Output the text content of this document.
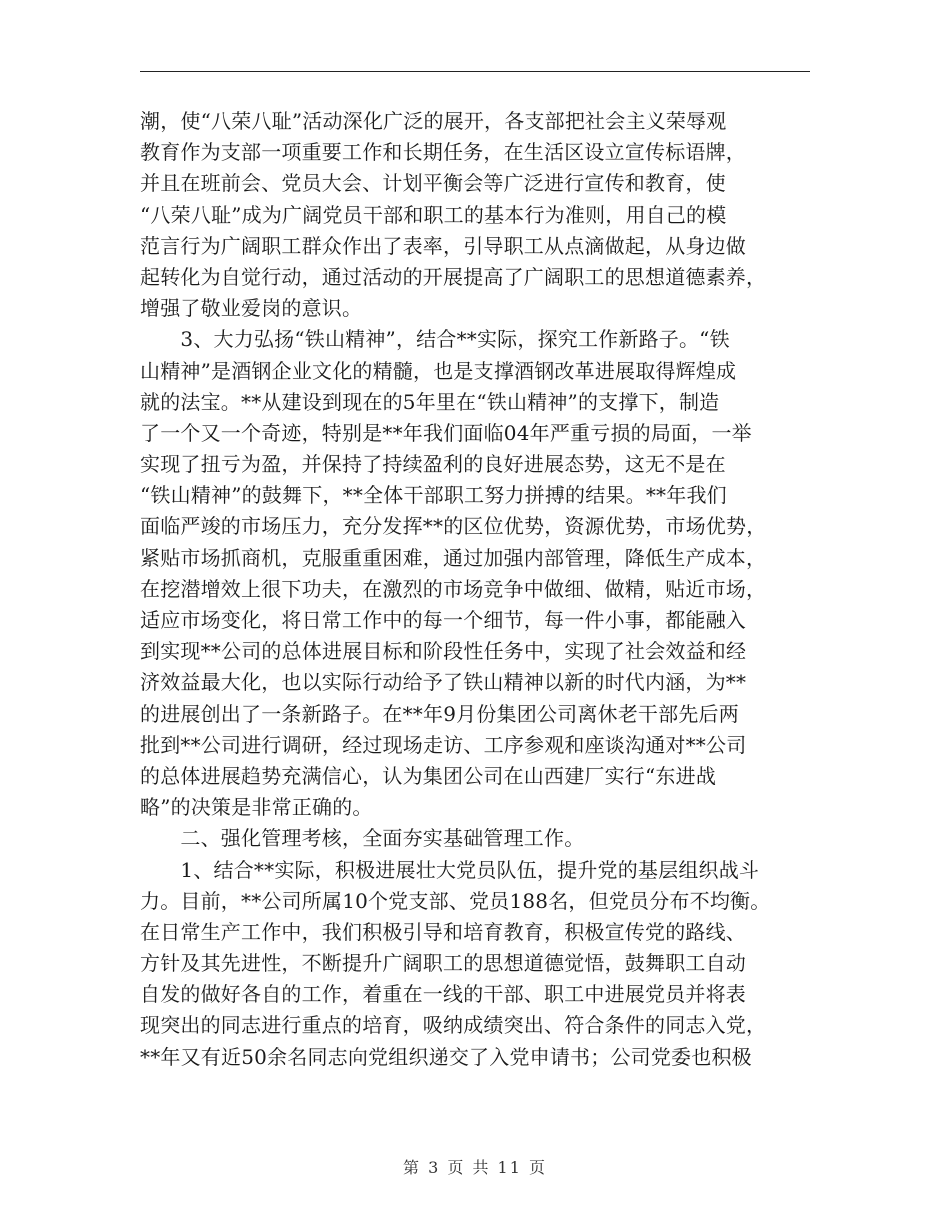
潮，使“八荣八耻”活动深化广泛的展开，各支部把社会主义荣辱观
教育作为支部一项重要工作和长期任务，在生活区设立宣传标语牌，
并且在班前会、党员大会、计划平衡会等广泛进行宣传和教育，使
“八荣八耻”成为广阔党员干部和职工的基本行为准则，用自己的模
范言行为广阔职工群众作出了表率，引导职工从点滴做起，从身边做
起转化为自觉行动，通过活动的开展提高了广阔职工的思想道德素养，
增强了敬业爱岗的意识。
　　3、大力弘扬“铁山精神”，结合**实际，探究工作新路子。“铁
山精神”是酒钢企业文化的精髓，也是支撑酒钢改革进展取得辉煌成
就的法宝。**从建设到现在的5年里在“铁山精神”的支撑下，制造
了一个又一个奇迹，特别是**年我们面临04年严重亏损的局面，一举
实现了扭亏为盈，并保持了持续盈利的良好进展态势，这无不是在
“铁山精神”的鼓舞下，**全体干部职工努力拼搏的结果。**年我们
面临严竣的市场压力，充分发挥**的区位优势，资源优势，市场优势，
紧贴市场抓商机，克服重重困难，通过加强内部管理，降低生产成本，
在挖潜增效上很下功夫，在激烈的市场竞争中做细、做精，贴近市场，
适应市场变化，将日常工作中的每一个细节，每一件小事，都能融入
到实现**公司的总体进展目标和阶段性任务中，实现了社会效益和经
济效益最大化，也以实际行动给予了铁山精神以新的时代内涵，为**
的进展创出了一条新路子。在**年9月份集团公司离休老干部先后两
批到**公司进行调研，经过现场走访、工序参观和座谈沟通对**公司
的总体进展趋势充满信心，认为集团公司在山西建厂实行“东进战
略”的决策是非常正确的。
　　二、强化管理考核，全面夯实基础管理工作。
　　1、结合**实际，积极进展壮大党员队伍，提升党的基层组织战斗
力。目前，**公司所属10个党支部、党员188名，但党员分布不均衡。
在日常生产工作中，我们积极引导和培育教育，积极宣传党的路线、
方针及其先进性，不断提升广阔职工的思想道德觉悟，鼓舞职工自动
自发的做好各自的工作，着重在一线的干部、职工中进展党员并将表
现突出的同志进行重点的培育，吸纳成绩突出、符合条件的同志入党，
**年又有近50余名同志向党组织递交了入党申请书；公司党委也积极
第 3 页 共 11 页
